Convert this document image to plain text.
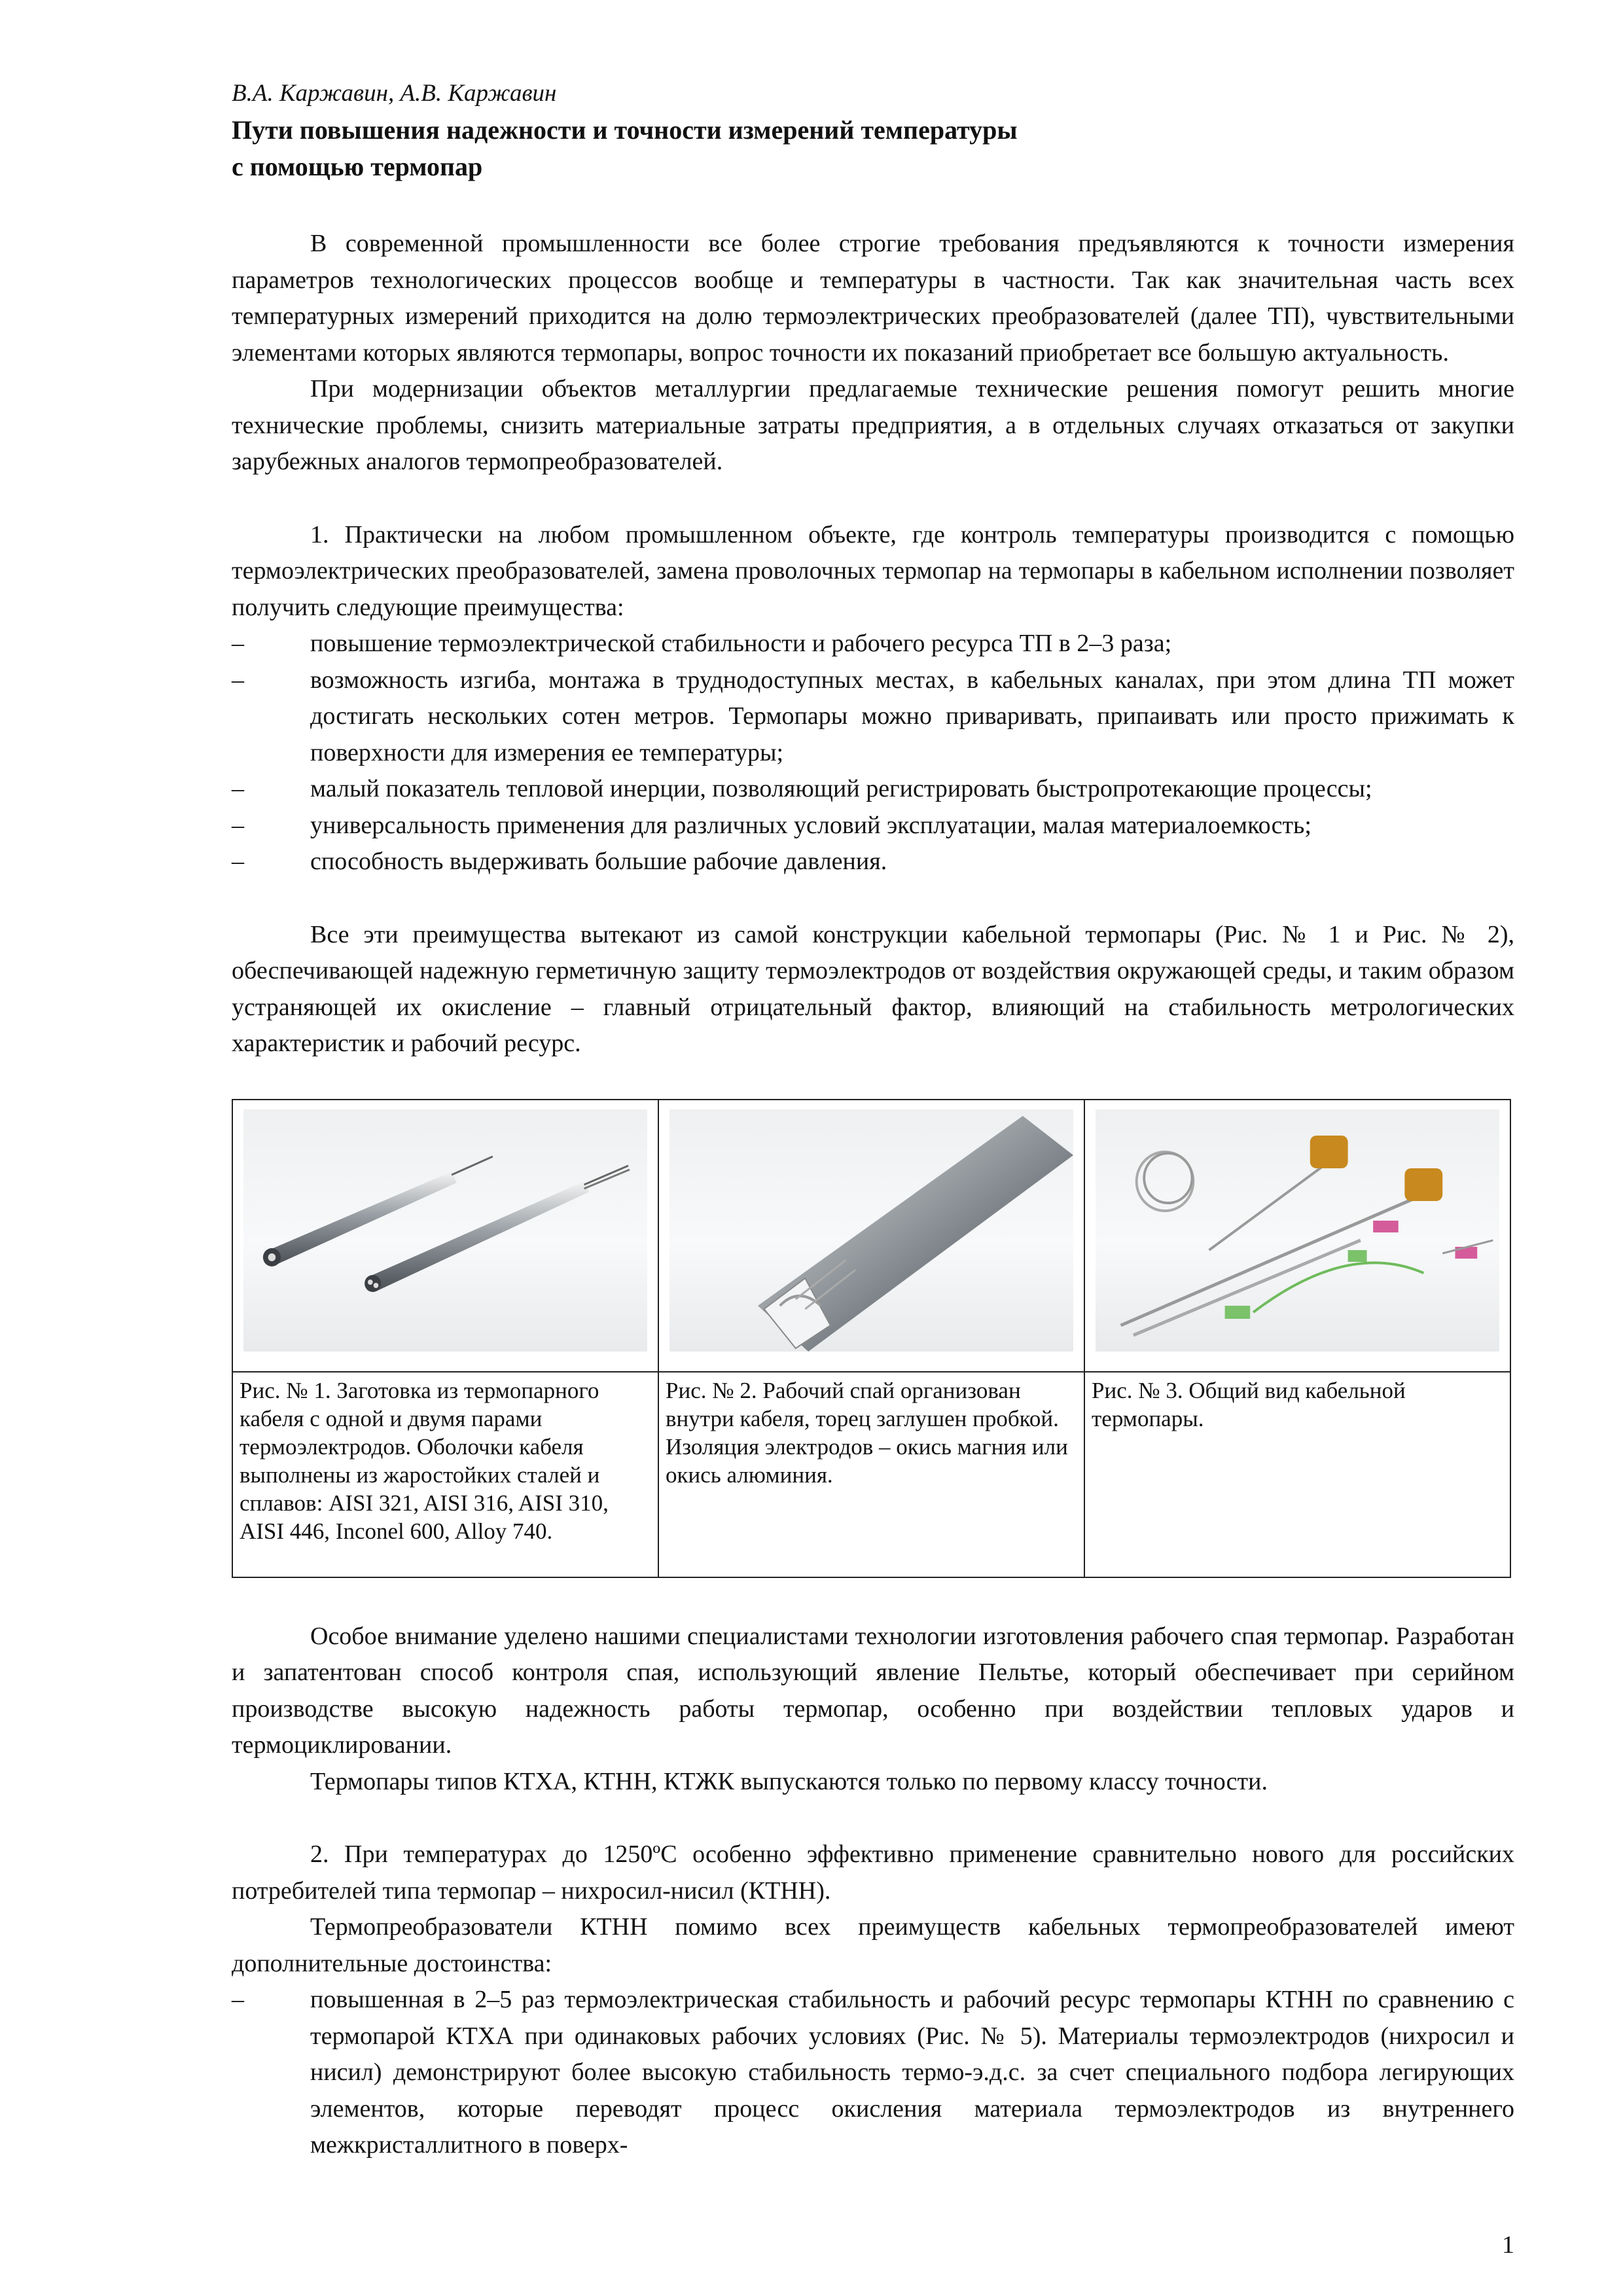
В.А. Каржавин, А.В. Каржавин

Пути повышения надежности и точности измерений температуры
с помощью термопар

В современной промышленности все более строгие требования предъявляются к точности измерения параметров технологических процессов вообще и температуры в частности. Так как значительная часть всех температурных измерений приходится на долю термоэлектрических преобразователей (далее ТП), чувствительными элементами которых являются термопары, вопрос точности их показаний приобретает все большую актуальность.

При модернизации объектов металлургии предлагаемые технические решения помогут решить многие технические проблемы, снизить материальные затраты предприятия, а в отдельных случаях отказаться от закупки зарубежных аналогов термопреобразователей.

1. Практически на любом промышленном объекте, где контроль температуры производится с помощью термоэлектрических преобразователей, замена проволочных термопар на термопары в кабельном исполнении позволяет получить следующие преимущества:

–	повышение термоэлектрической стабильности и рабочего ресурса ТП в 2–3 раза;
–	возможность изгиба, монтажа в труднодоступных местах, в кабельных каналах, при этом длина ТП может достигать нескольких сотен метров. Термопары можно приваривать, припаивать или просто прижимать к поверхности для измерения ее температуры;
–	малый показатель тепловой инерции, позволяющий регистрировать быстропротекающие процессы;
–	универсальность применения для различных условий эксплуатации, малая материалоемкость;
–	способность выдерживать большие рабочие давления.

Все эти преимущества вытекают из самой конструкции кабельной термопары (Рис. № 1 и Рис. № 2), обеспечивающей надежную герметичную защиту термоэлектродов от воздействия окружающей среды, и таким образом устраняющей их окисление – главный отрицательный фактор, влияющий на стабильность метрологических характеристик и рабочий ресурс.

Рис. № 1. Заготовка из термопарного кабеля с одной и двумя парами термоэлектродов. Оболочки кабеля выполнены из жаростойких сталей и сплавов: AISI 321, AISI 316, AISI 310, AISI 446, Inconel 600, Alloy 740.	Рис. № 2. Рабочий спай организован внутри кабеля, торец заглушен пробкой. Изоляция электродов – окись магния или окись алюминия.	Рис. № 3. Общий вид кабельной термопары.

Особое внимание уделено нашими специалистами технологии изготовления рабочего спая термопар. Разработан и запатентован способ контроля спая, использующий явление Пельтье, который обеспечивает при серийном производстве высокую надежность работы термопар, особенно при воздействии тепловых ударов и термоциклировании.

Термопары типов КТХА, КТНН, КТЖК выпускаются только по первому классу точности.

2. При температурах до 1250ºС особенно эффективно применение сравнительно нового для российских потребителей типа термопар – нихросил-нисил (КТНН).

Термопреобразователи КТНН помимо всех преимуществ кабельных термопреобразователей имеют дополнительные достоинства:

–	повышенная в 2–5 раз термоэлектрическая стабильность и рабочий ресурс термопары КТНН по сравнению с термопарой КТХА при одинаковых рабочих условиях (Рис. № 5). Материалы термоэлектродов (нихросил и нисил) демонстрируют более высокую стабильность термо-э.д.с. за счет специального подбора легирующих элементов, которые переводят процесс окисления материала термоэлектродов из внутреннего межкристаллитного в поверх-
1
